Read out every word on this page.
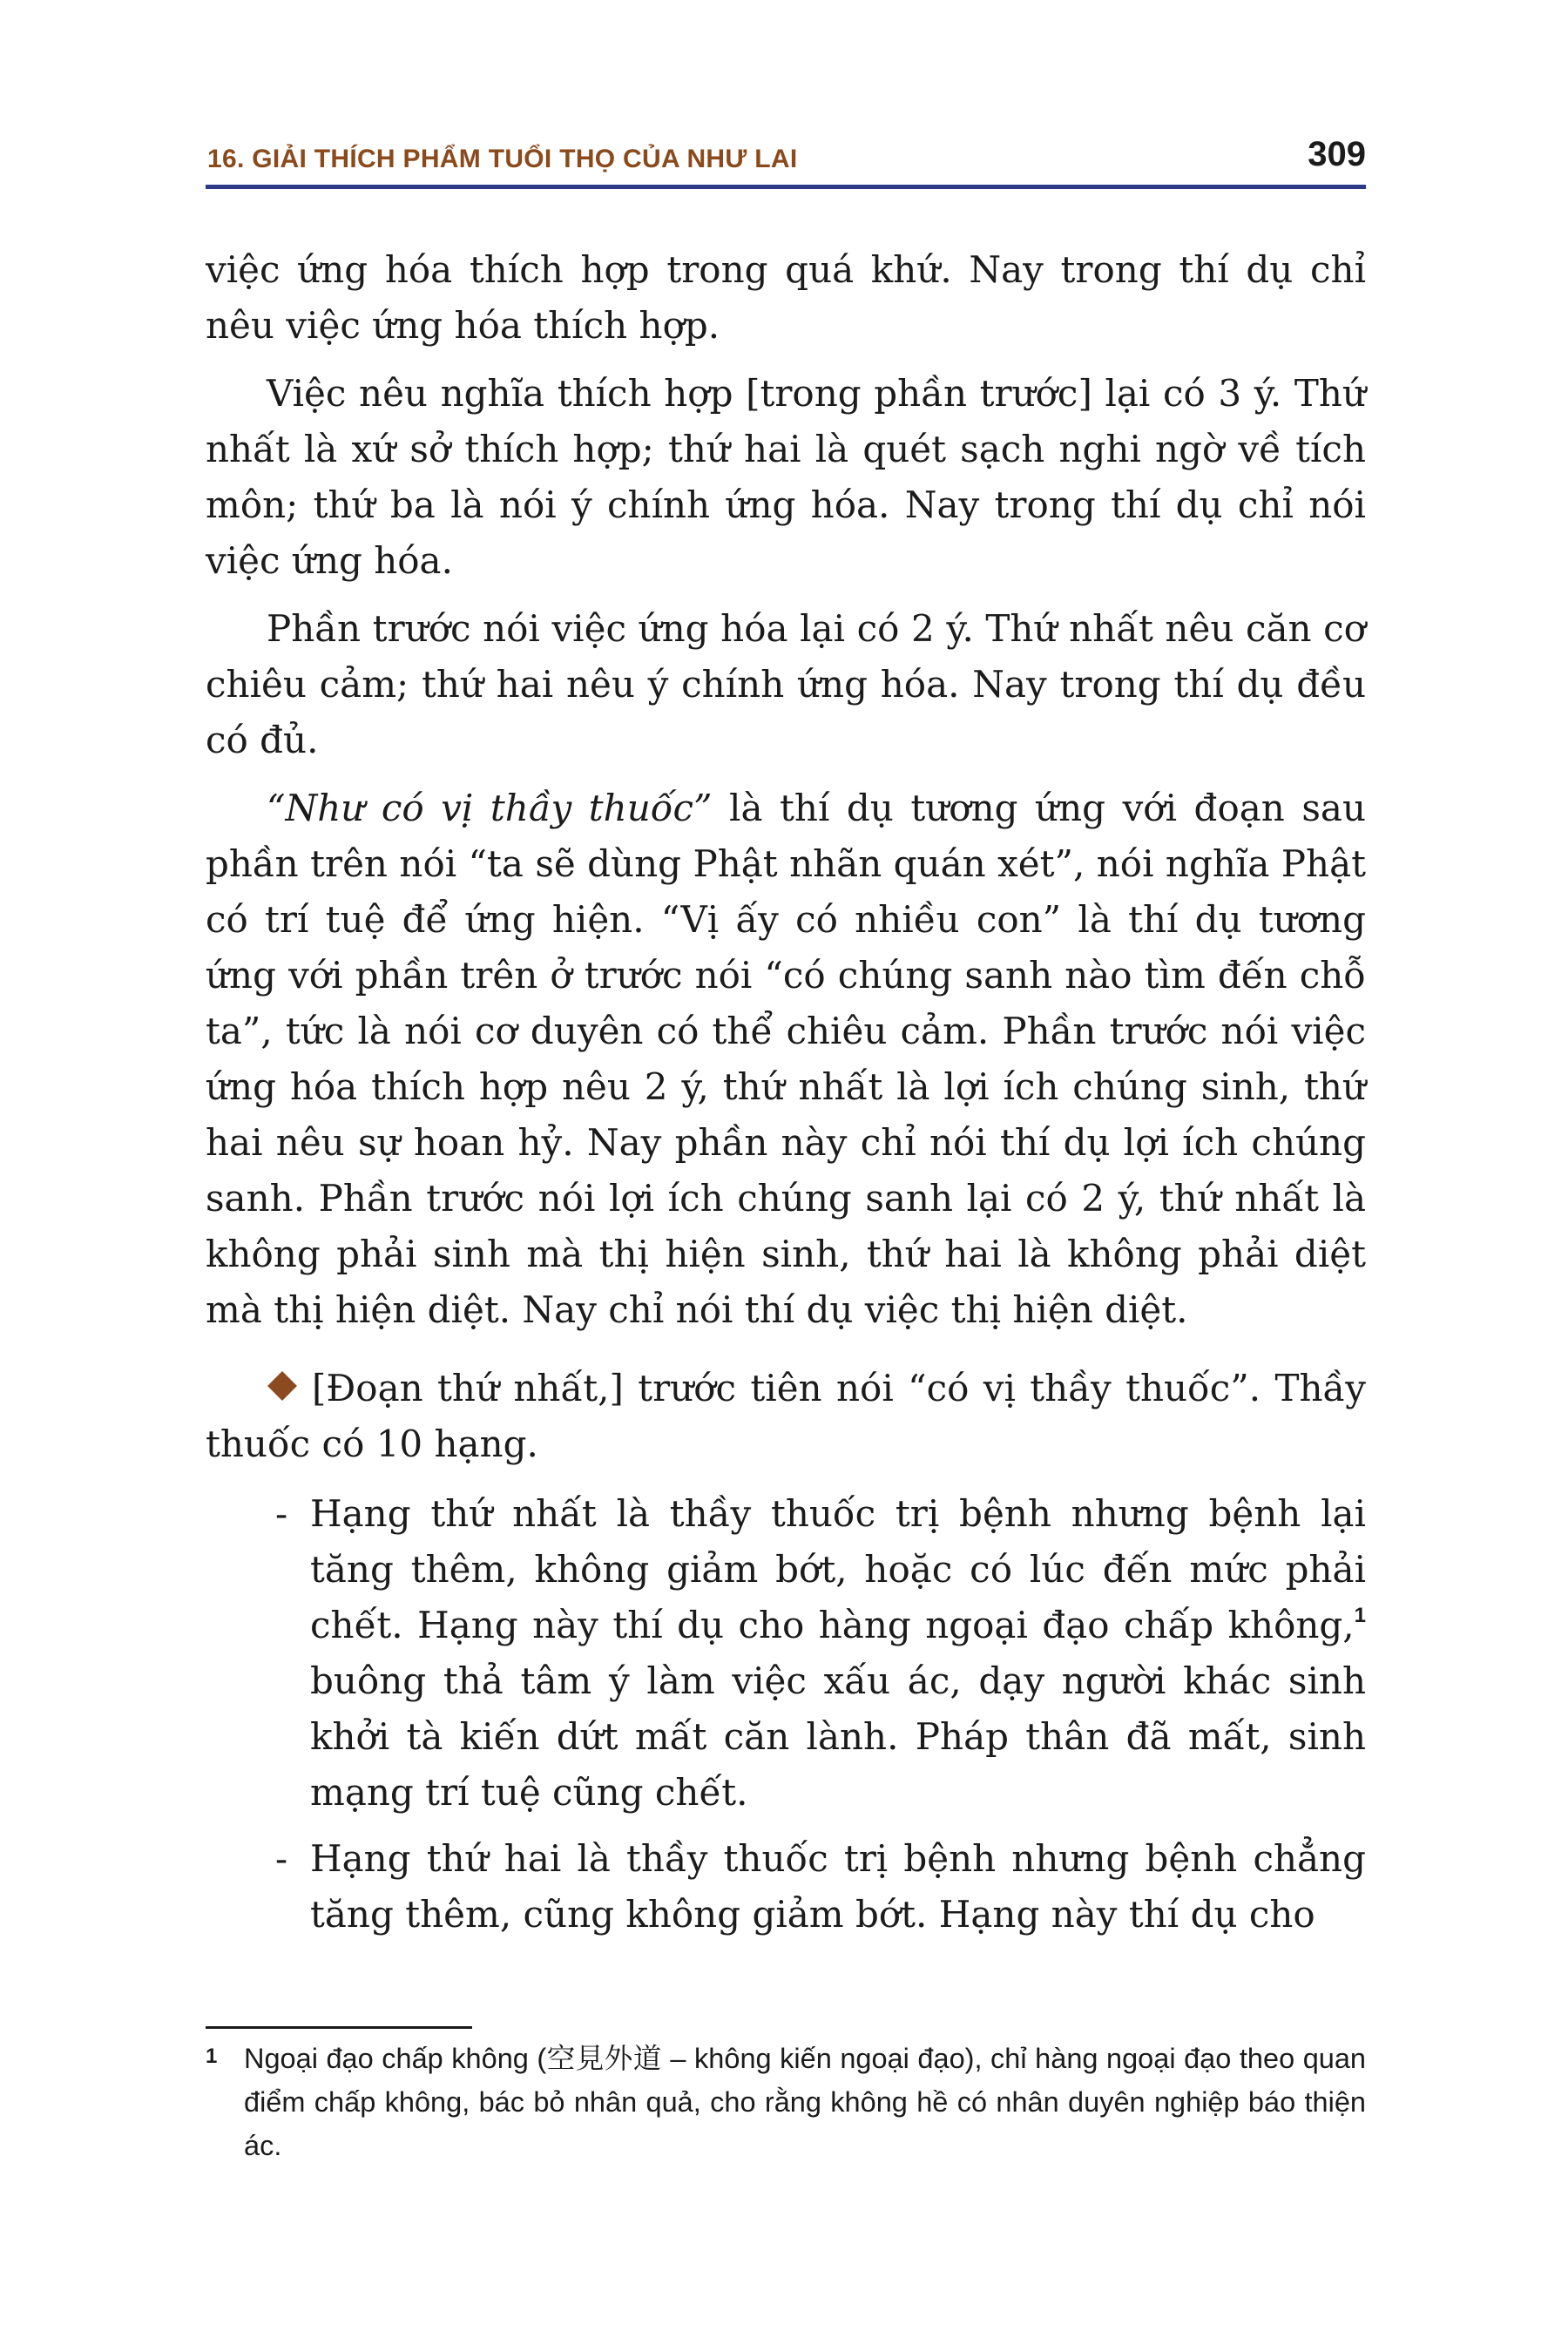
16. GIẢI THÍCH PHẨM TUỔI THỌ CỦA NHƯ LAI	309

việc ứng hóa thích hợp trong quá khứ. Nay trong thí dụ chỉ nêu việc ứng hóa thích hợp.

Việc nêu nghĩa thích hợp [trong phần trước] lại có 3 ý. Thứ nhất là xứ sở thích hợp; thứ hai là quét sạch nghi ngờ về tích môn; thứ ba là nói ý chính ứng hóa. Nay trong thí dụ chỉ nói việc ứng hóa.

Phần trước nói việc ứng hóa lại có 2 ý. Thứ nhất nêu căn cơ chiêu cảm; thứ hai nêu ý chính ứng hóa. Nay trong thí dụ đều có đủ.

“Như có vị thầy thuốc” là thí dụ tương ứng với đoạn sau phần trên nói “ta sẽ dùng Phật nhãn quán xét”, nói nghĩa Phật có trí tuệ để ứng hiện. “Vị ấy có nhiều con” là thí dụ tương ứng với phần trên ở trước nói “có chúng sanh nào tìm đến chỗ ta”, tức là nói cơ duyên có thể chiêu cảm. Phần trước nói việc ứng hóa thích hợp nêu 2 ý, thứ nhất là lợi ích chúng sinh, thứ hai nêu sự hoan hỷ. Nay phần này chỉ nói thí dụ lợi ích chúng sanh. Phần trước nói lợi ích chúng sanh lại có 2 ý, thứ nhất là không phải sinh mà thị hiện sinh, thứ hai là không phải diệt mà thị hiện diệt. Nay chỉ nói thí dụ việc thị hiện diệt.

[Đoạn thứ nhất,] trước tiên nói “có vị thầy thuốc”. Thầy thuốc có 10 hạng.

- Hạng thứ nhất là thầy thuốc trị bệnh nhưng bệnh lại tăng thêm, không giảm bớt, hoặc có lúc đến mức phải chết. Hạng này thí dụ cho hàng ngoại đạo chấp không,$^1$ buông thả tâm ý làm việc xấu ác, dạy người khác sinh khởi tà kiến dứt mất căn lành. Pháp thân đã mất, sinh mạng trí tuệ cũng chết.

- Hạng thứ hai là thầy thuốc trị bệnh nhưng bệnh chẳng tăng thêm, cũng không giảm bớt. Hạng này thí dụ cho

1 Ngoại đạo chấp không (空見外道 – không kiến ngoại đạo), chỉ hàng ngoại đạo theo quan điểm chấp không, bác bỏ nhân quả, cho rằng không hề có nhân duyên nghiệp báo thiện ác.
